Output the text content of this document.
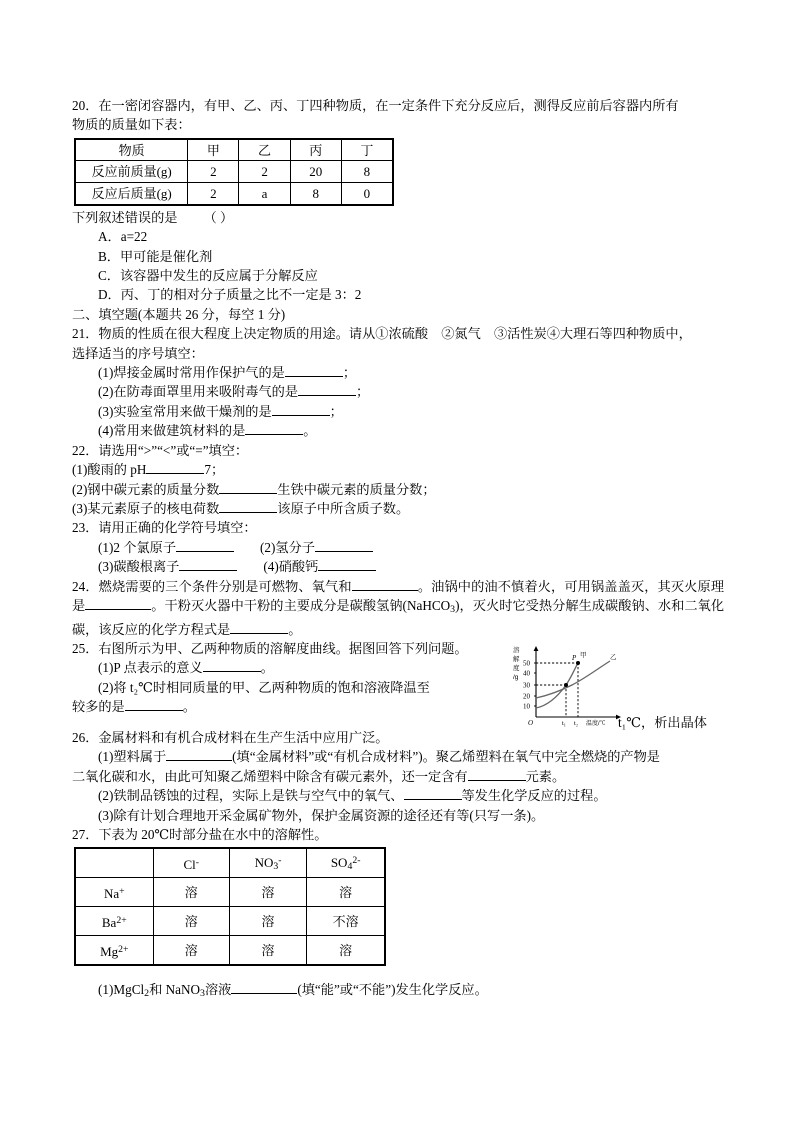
20．在一密闭容器内，有甲、乙、丙、丁四种物质，在一定条件下充分反应后，测得反应前后容器内所有
物质的质量如下表：
物质	甲	乙	丙	丁
反应前质量(g)	2	2	20	8
反应后质量(g)	2	a	8	0
下列叙述错误的是 （ ）
A．a=22
B．甲可能是催化剂
C．该容器中发生的反应属于分解反应
D．丙、丁的相对分子质量之比不一定是 3：2
二、填空题(本题共 26 分，每空 1 分)
21．物质的性质在很大程度上决定物质的用途。请从①浓硫酸　②氮气　③活性炭④大理石等四种物质中，
选择适当的序号填空：
(1)焊接金属时常用作保护气的是	；
(2)在防毒面罩里用来吸附毒气的是	；
(3)实验室常用来做干燥剂的是	；
(4)常用来做建筑材料的是	。
22．请选用“>”“<”或“=”填空：
(1)酸雨的 pH	7；
(2)钢中碳元素的质量分数	生铁中碳元素的质量分数；
(3)某元素原子的核电荷数	该原子中所含质子数。
23．请用正确的化学符号填空：
(1)2 个氯原子	(2)氢分子
(3)碳酸根离子	(4)硝酸钙
24．燃烧需要的三个条件分别是可燃物、氧气和	。油锅中的油不慎着火，可用锅盖盖灭，其灭火原理是	。干粉灭火器中干粉的主要成分是碳酸氢钠(NaHCO$_3$)，灭火时它受热分解生成碳酸钠、水和二氧化碳，该反应的化学方程式是	。
溶
解
度
/g
50
40
30
20
10
P 甲	乙
O	t₁ t₂ 温度/℃
25．右图所示为甲、乙两种物质的溶解度曲线。据图回答下列问题。
(1)P 点表示的意义	。
(2)将 t₂℃时相同质量的甲、乙两种物质的饱和溶液降温至
较多的是	。
t₁℃，析出晶体
26．金属材料和有机合成材料在生产生活中应用广泛。
(1)塑料属于	(填“金属材料”或“有机合成材料”)。聚乙烯塑料在氧气中完全燃烧的产物是
二氧化碳和水，由此可知聚乙烯塑料中除含有碳元素外，还一定含有	元素。
(2)铁制品锈蚀的过程，实际上是铁与空气中的氧气、	等发生化学反应的过程。
(3)除有计划合理地开采金属矿物外，保护金属资源的途径还有等(只写一条)。
27．下表为 20℃时部分盐在水中的溶解性。
	Cl-	$NO_3^-$	$SO_4^{2-}$
Na+	溶	溶	溶
$Ba^{2+}$	溶	溶	不溶
$Mg^{2+}$	溶	溶	溶
(1)MgCl$_2$和 NaNO$_3$溶液	(填“能”或“不能”)发生化学反应。
